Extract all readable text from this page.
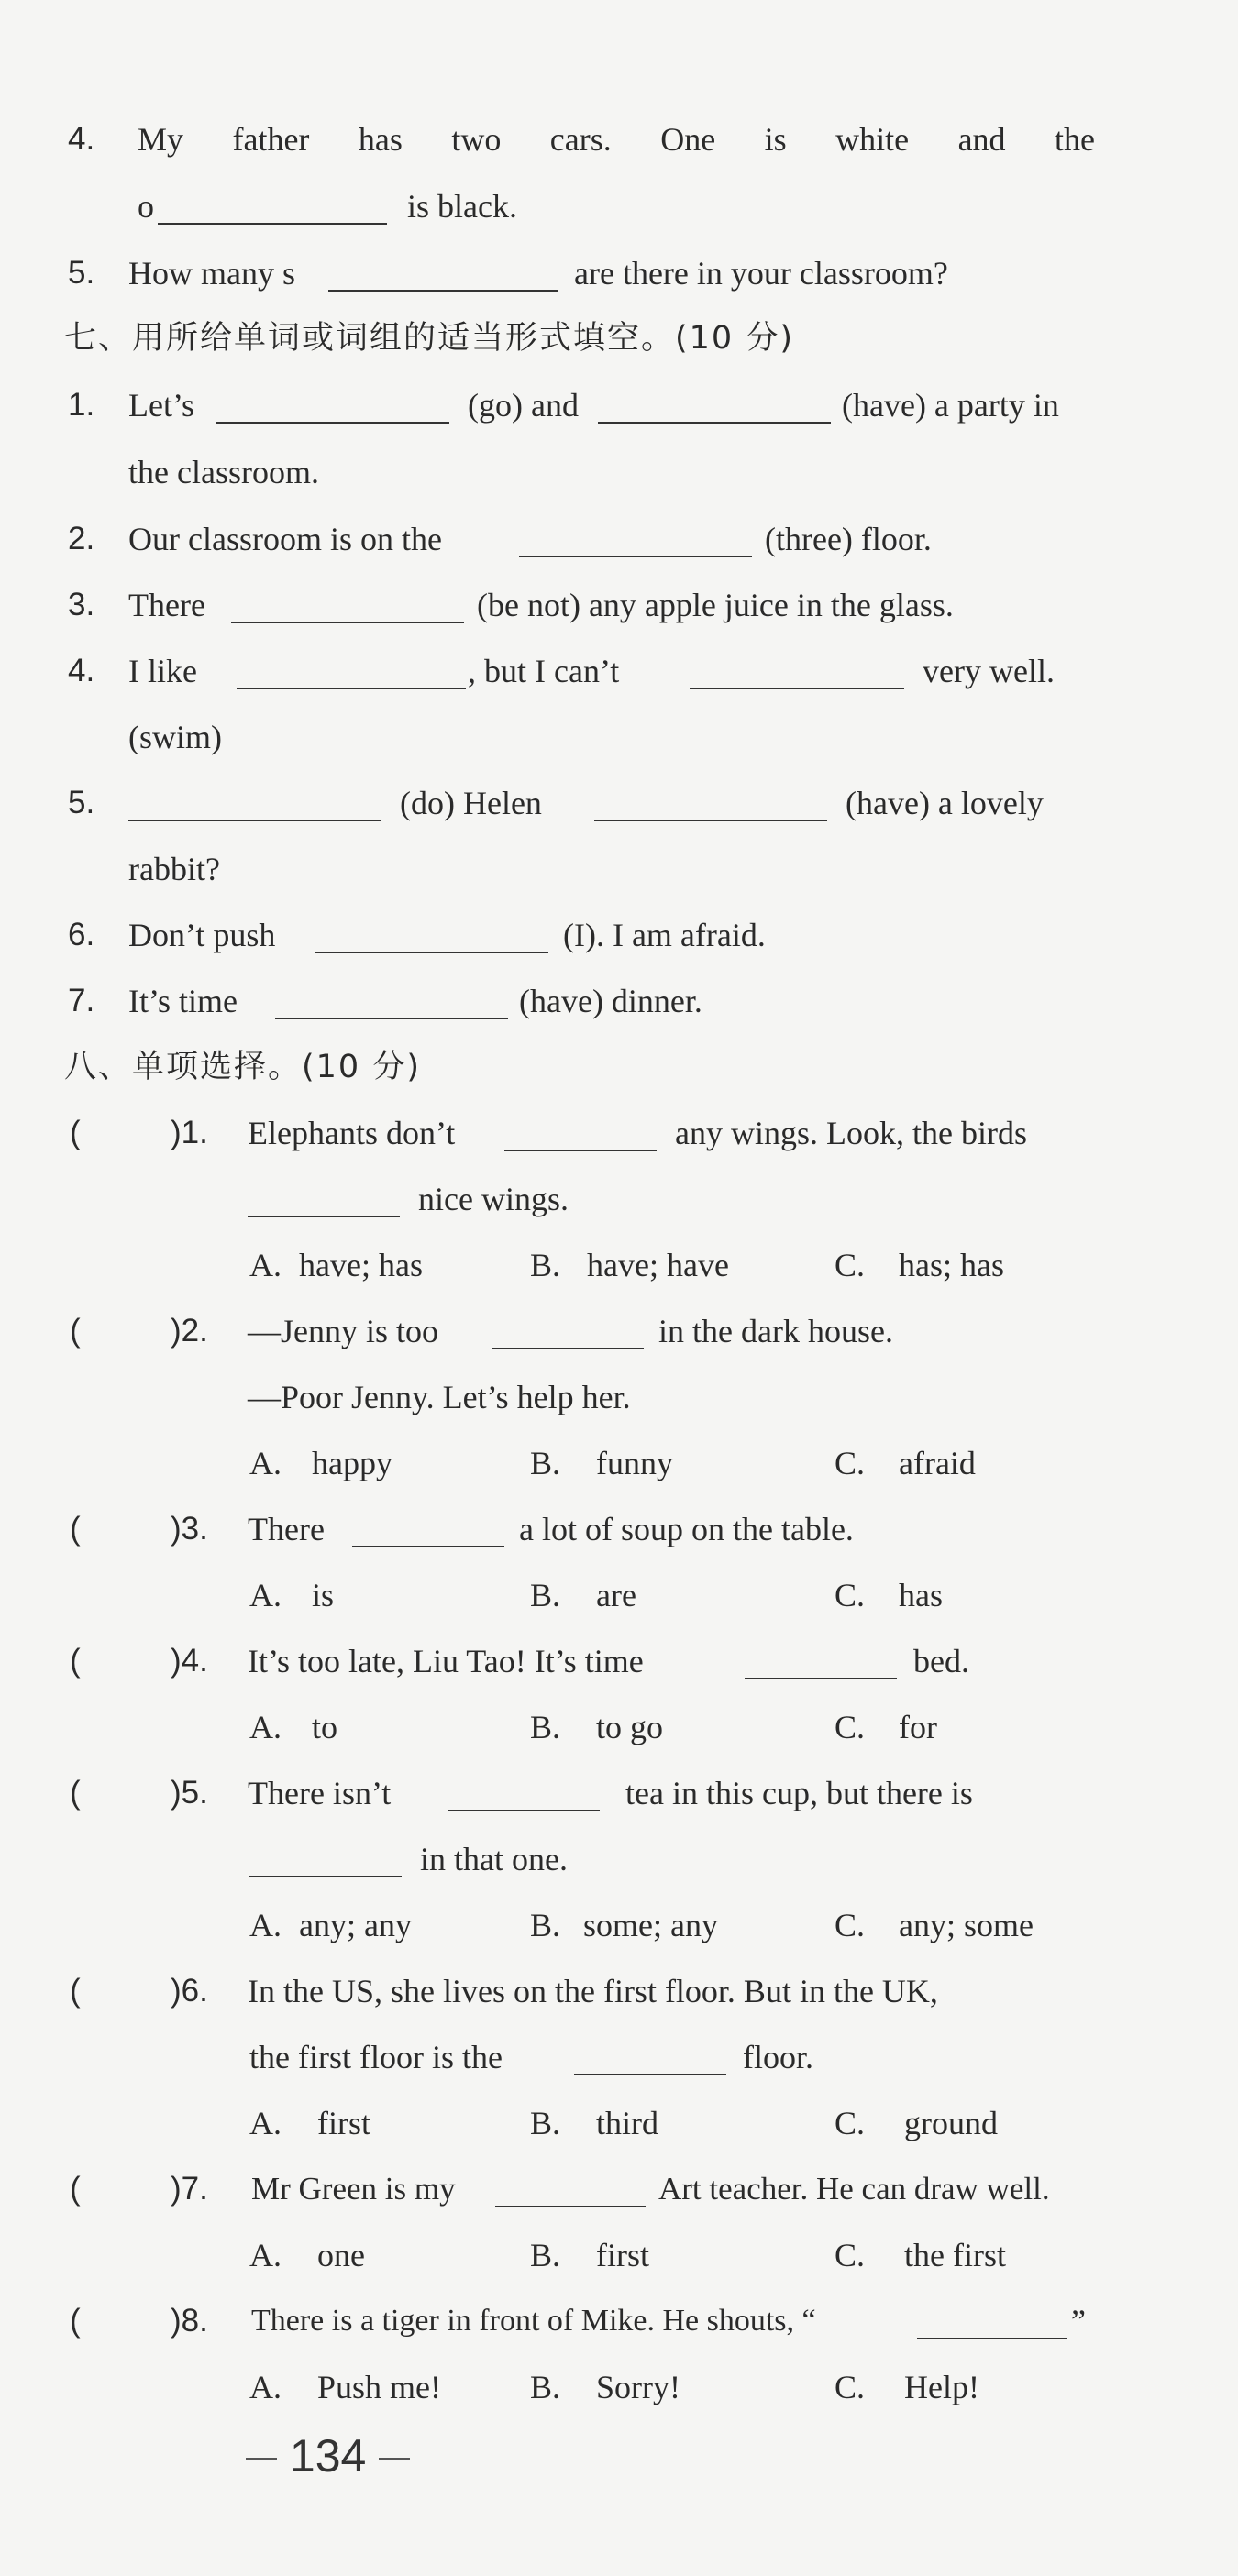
4. My father has two cars. One is white and the
o	is black.
5. How many s	are there in your classroom?
七、用所给单词或词组的适当形式填空。(10 分)
1. Let’s	(go) and	(have) a party in
the classroom.
2. Our classroom is on the	(three) floor.
3. There	(be not) any apple juice in the glass.
4. I like	, but I can’t	very well.
(swim)
5.	(do) Helen	(have) a lovely
rabbit?
6. Don’t push	(I). I am afraid.
7. It’s time	(have) dinner.
八、单项选择。(10 分)
(	)1. Elephants don’t	any wings. Look, the birds
nice wings.
A. have; has	B. have; have	C. has; has
(	)2. —Jenny is too	in the dark house.
—Poor Jenny. Let’s help her.
A. happy	B. funny	C. afraid
(	)3. There	a lot of soup on the table.
A. is	B. are	C. has
(	)4. It’s too late, Liu Tao! It’s time	bed.
A. to	B. to go	C. for
(	)5. There isn’t	tea in this cup, but there is
in that one.
A. any; any	B. some; any	C. any; some
(	)6. In the US, she lives on the first floor. But in the UK,
the first floor is the	floor.
A. first	B. third	C. ground
(	)7. Mr Green is my	Art teacher. He can draw well.
A. one	B. first	C. the first
(	)8. There is a tiger in front of Mike. He shouts, “	”
A. Push me!	B. Sorry!	C. Help!
134
